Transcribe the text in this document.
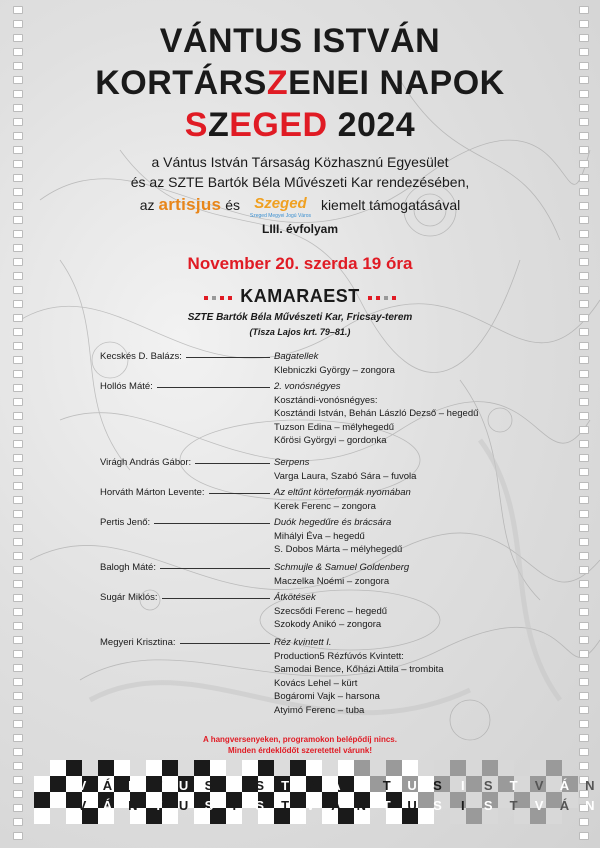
VÁNTUS ISTVÁN
KORTÁRSZENEI NAPOK
SZEGED 2024
a Vántus István Társaság Közhasznú Egyesület
és az SZTE Bartók Béla Művészeti Kar rendezésében,
az artisjus és Szeged
Szeged Megyei Jogú Város
kiemelt támogatásával
LIII. évfolyam
November 20. szerda 19 óra
KAMARAEST
SZTE Bartók Béla Művészeti Kar, Fricsay-terem
(Tisza Lajos krt. 79–81.)
Kecskés D. Balázs:	Bagatellek
Klebniczki György – zongora
Hollós Máté:	2. vonósnégyes
Kosztándi-vonósnégyes:
Kosztándi István, Behán László Dezső – hegedű
Tuzson Edina – mélyhegedű
Kőrösi Györgyi – gordonka
Virágh András Gábor:	Serpens
Varga Laura, Szabó Sára – fuvola
Horváth Márton Levente:	Az eltűnt körteformák nyomában
Kerek Ferenc – zongora
Pertis Jenő:	Duók hegedűre és brácsára
Mihályi Éva – hegedű
S. Dobos Márta – mélyhegedű
Balogh Máté:	Schmujle & Samuel Goldenberg
Maczelka Noémi – zongora
Sugár Miklós:	Átkötések
Szecsődi Ferenc – hegedű
Szokody Anikó – zongora
Megyeri Krisztina:	Réz kvintett I.
Production5 Rézfúvós Kvintett:
Samodai Bence, Kőházi Attila – trombita
Kovács Lehel – kürt
Bogáromi Vajk – harsona
Atyimó Ferenc – tuba
A hangversenyeken, programokon belépődíj nincs.
Minden érdeklődőt szeretettel várunk!
V	Á	N	T	U	S	I	S	T	V	Á	N	T	U	S	I	S	T	V	Á	N
V	Á	N	T	U	S	I	S	T	V	Á	N	T	U	S	I	S	T	V	Á	N
